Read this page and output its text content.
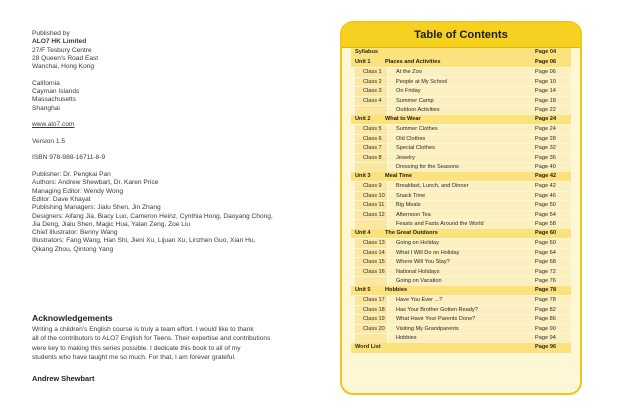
Published by
ALO7 HK Limited
27/F Tesbury Centre
28 Queen's Road East
Wanchai, Hong Kong
California
Cayman Islands
Massachusetts
Shanghai
www.alo7.com
Version 1.5
ISBN 978-988-16711-8-9
Publisher: Dr. Pengkai Pan
Authors: Andrew Shewbart, Dr. Karen Price
Managing Editor: Wendy Wong
Editor: Dave Khayat
Publishing Managers: Jialu Shen, Jin Zhang
Designers: Aifang Jia, Biacy Luo, Cameron Heinz, Cynthia Hong, Daoyang Chong,
Jia Deng, Jialu Shen, Magic Hua, Yalan Zeng, Zoe Liu
Chief Illustrator: Benny Wang
Illustrators: Fang Wang, Han Shi, Jieni Xu, Lijuan Xu, Linzhen Guo, Xian Hu,
Qikang Zhou, Qintong Yang
Acknowledgements
Writing a children's English course is truly a team effort. I would like to thank
all of the contributors to ALO7 English for Teens. Their expertise and contributions
were key to making this series possible. I dedicate this book to all of my
students who have taught me so much. For that, I am forever grateful.
Andrew Shewbart
Table of Contents
Syllabus	Page 04
Unit 1	Places and Activities	Page 06
Class 1	At the Zoo	Page 06
Class 2	People at My School	Page 10
Class 3	On Friday	Page 14
Class 4	Summer Camp	Page 18
Outdoor Activities	Page 22
Unit 2	What to Wear	Page 24
Class 5	Summer Clothes	Page 24
Class 6	Old Clothes	Page 28
Class 7	Special Clothes	Page 32
Class 8	Jewelry	Page 36
Dressing for the Seasons	Page 40
Unit 3	Meal Time	Page 42
Class 9	Breakfast, Lunch, and Dinner	Page 42
Class 10	Snack Time	Page 46
Class 11	Big Meals	Page 50
Class 12	Afternoon Tea	Page 54
Feasts and Fasts Around the World	Page 58
Unit 4	The Great Outdoors	Page 60
Class 13	Going on Holiday	Page 60
Class 14	What I Will Do on Holiday	Page 64
Class 15	Where Will You Stay?	Page 68
Class 16	National Holidays	Page 72
Going on Vacation	Page 76
Unit 5	Hobbies	Page 78
Class 17	Have You Ever ...?	Page 78
Class 18	Has Your Brother Gotten Ready?	Page 82
Class 19	What Have Your Parents Done?	Page 86
Class 20	Visiting My Grandparents	Page 90
Hobbies	Page 94
Word List	Page 96
